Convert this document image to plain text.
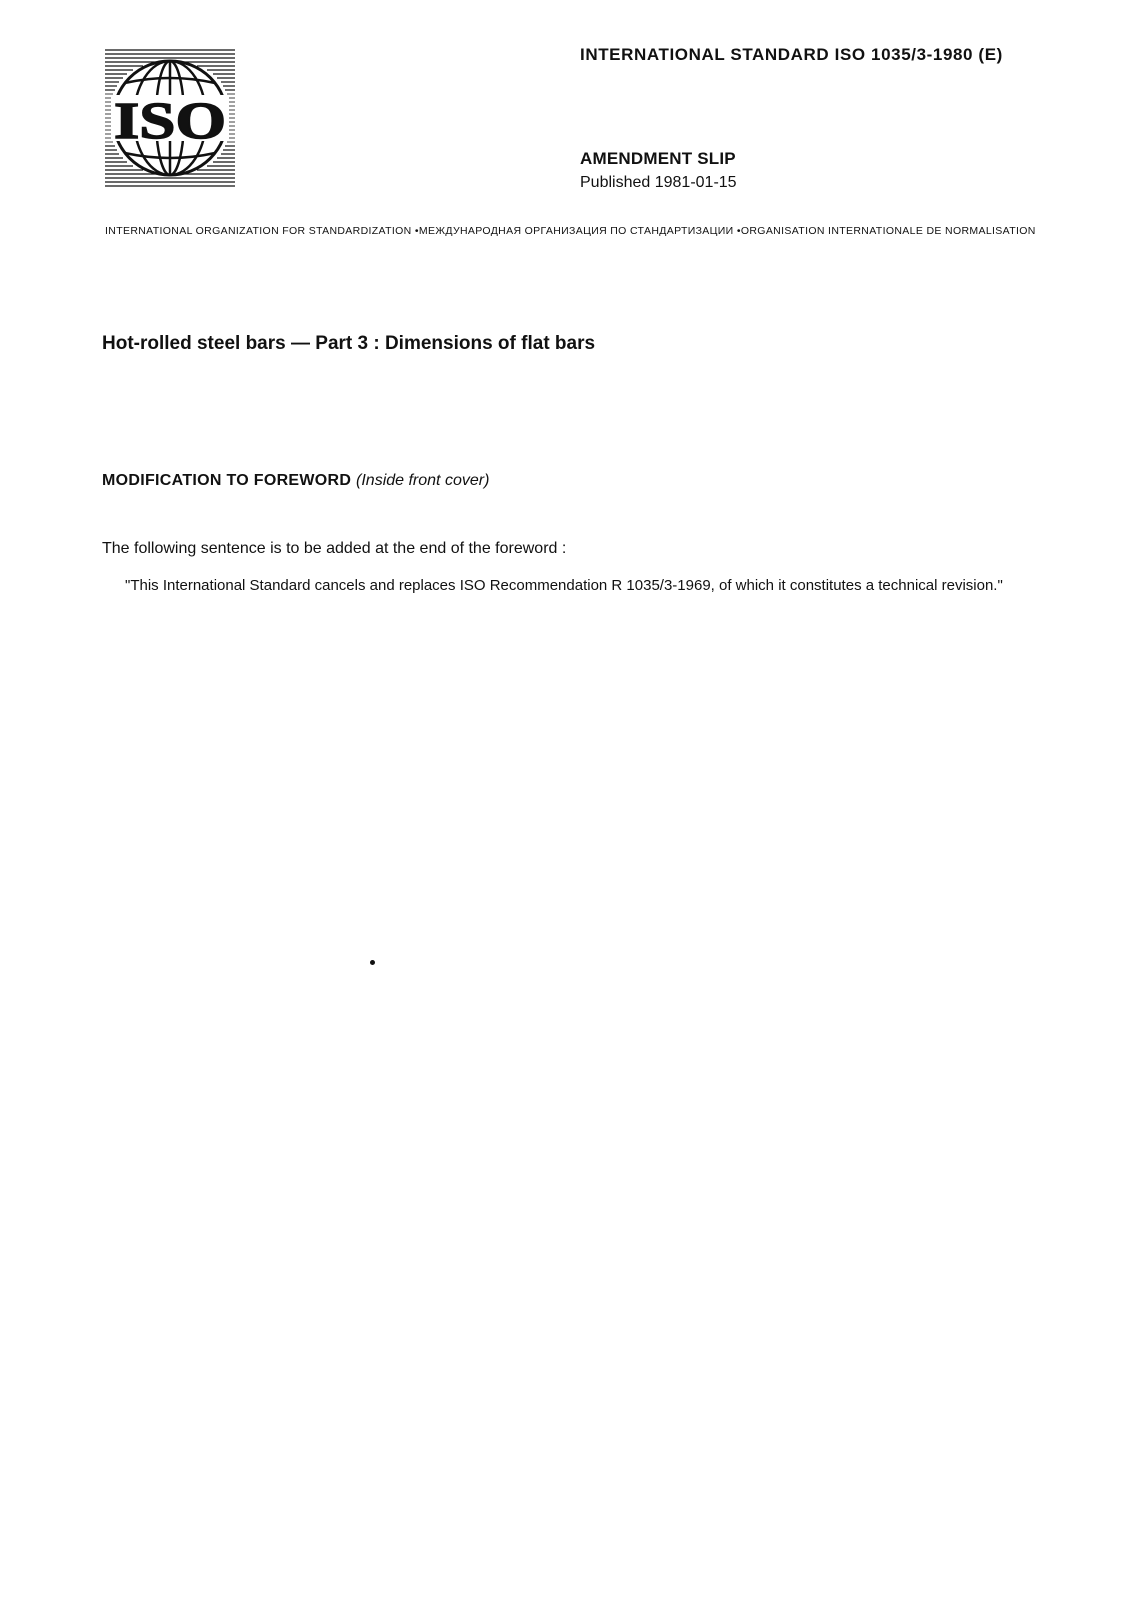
ISO
INTERNATIONAL STANDARD ISO 1035/3-1980 (E)
AMENDMENT SLIP
Published 1981-01-15
INTERNATIONAL ORGANIZATION FOR STANDARDIZATION •МЕЖДУНАРОДНАЯ ОРГАНИЗАЦИЯ ПО СТАНДАРТИЗАЦИИ •ORGANISATION INTERNATIONALE DE NORMALISATION
Hot-rolled steel bars — Part 3 : Dimensions of flat bars
MODIFICATION TO FOREWORD (Inside front cover)
The following sentence is to be added at the end of the foreword :
"This International Standard cancels and replaces ISO Recommendation R 1035/3-1969, of which it constitutes a technical revision."
